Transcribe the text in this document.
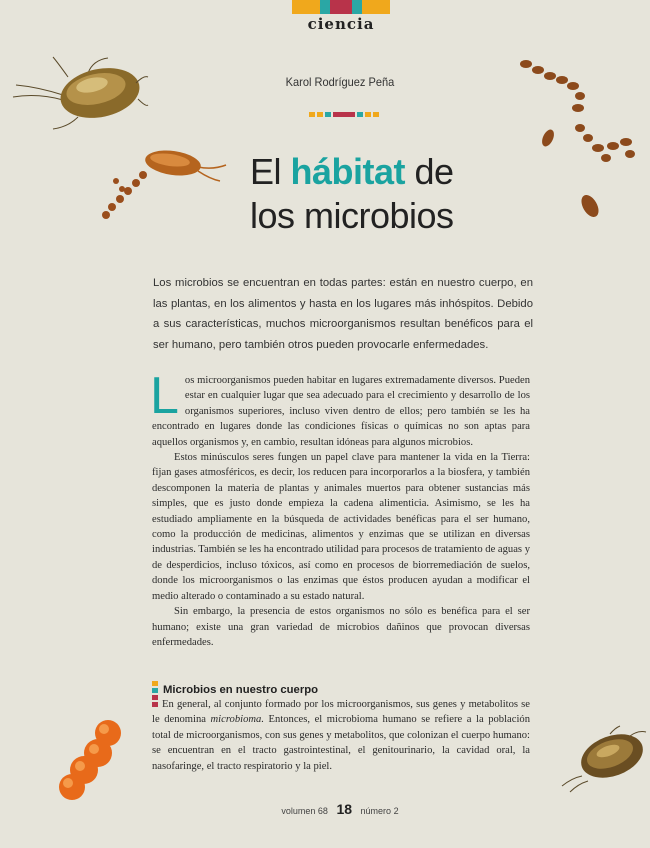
ciencia
Karol Rodríguez Peña
El hábitat de
los microbios
Los microbios se encuentran en todas partes: están en nuestro cuerpo, en las plantas, en los alimentos y hasta en los lugares más inhóspitos. Debido a sus características, muchos microorganismos resultan benéficos para el ser humano, pero también otros pueden provocarle enfermedades.

Los microorganismos pueden habitar en lugares extremadamente diversos. Pueden estar en cualquier lugar que sea adecuado para el crecimiento y desarrollo de los organismos superiores, incluso viven dentro de ellos; pero también se les ha encontrado en lugares donde las condiciones físicas o químicas no son aptas para aquellos organismos y, en cambio, resultan idóneas para algunos microbios.

Estos minúsculos seres fungen un papel clave para mantener la vida en la Tierra: fijan gases atmosféricos, es decir, los reducen para incorporarlos a la biosfera, y también descomponen la materia de plantas y animales muertos para obtener sustancias más simples, que es justo donde empieza la cadena alimenticia. Asimismo, se les ha estudiado ampliamente en la búsqueda de actividades benéficas para el ser humano, como la producción de medicinas, alimentos y enzimas que se utilizan en diversas industrias. También se les ha encontrado utilidad para procesos de tratamiento de aguas y de desperdicios, incluso tóxicos, así como en procesos de biorremediación de suelos, donde los microorganismos o las enzimas que éstos producen ayudan a modificar el medio alterado o contaminado a su estado natural.

Sin embargo, la presencia de estos organismos no sólo es benéfica para el ser humano; existe una gran variedad de microbios dañinos que provocan diversas enfermedades.

Microbios en nuestro cuerpo

En general, al conjunto formado por los microorganismos, sus genes y metabolitos se le denomina microbioma. Entonces, el microbioma humano se refiere a la población total de microorganismos, con sus genes y metabolitos, que colonizan el cuerpo humano: se encuentran en el tracto gastrointestinal, el genitourinario, la cavidad oral, la nasofaringe, el tracto respiratorio y la piel.

volumen 68 18 número 2
